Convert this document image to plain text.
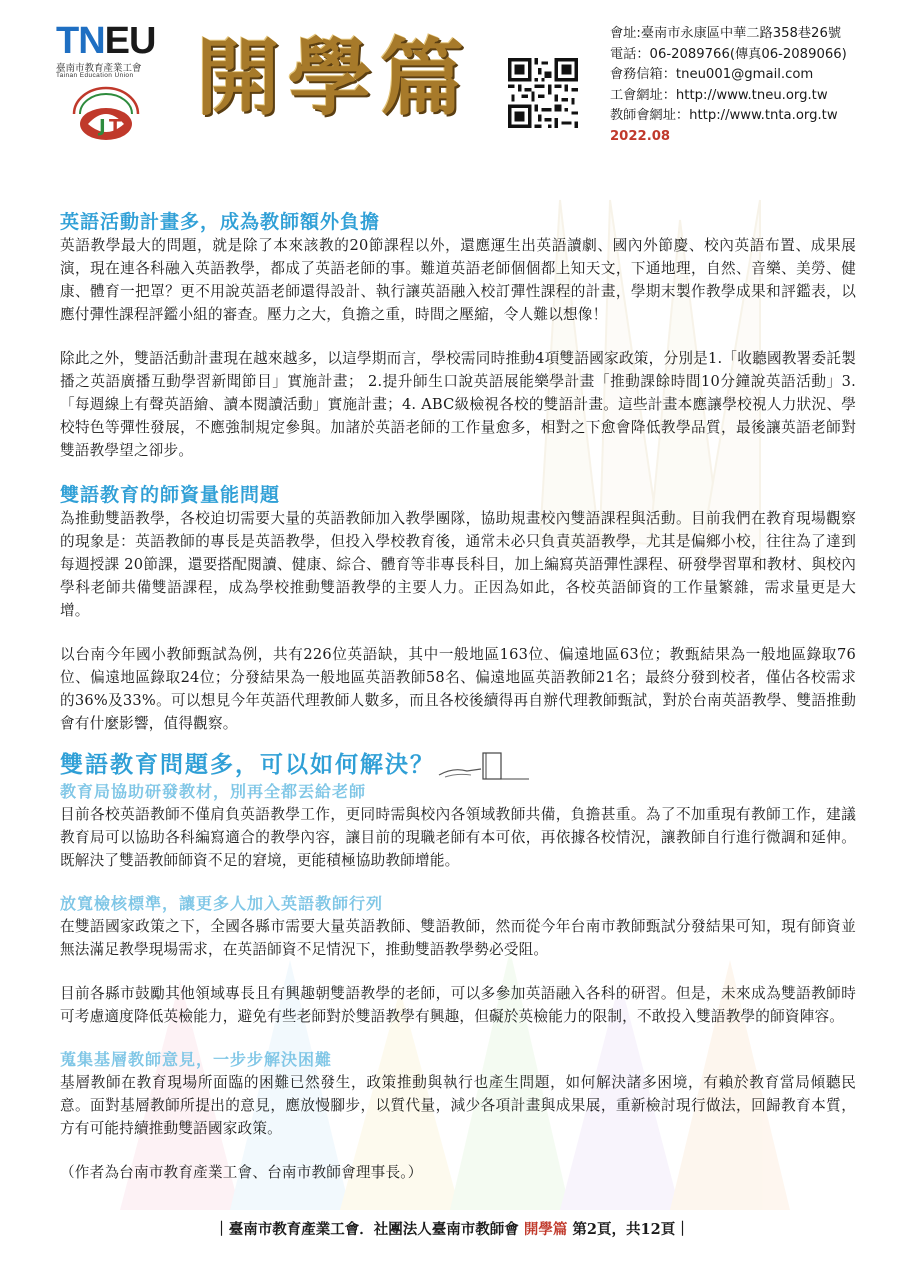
TNEU
臺南市教育產業工會
Tainan Education Union
J T 開學篇	會址:臺南市永康區中華二路358巷26號
電話：06-2089766(傳真06-2089066)
會務信箱：tneu001@gmail.com
工會網址：http://www.tneu.org.tw
教師會網址：http://www.tnta.org.tw
2022.08
英語活動計畫多，成為教師額外負擔

英語教學最大的問題，就是除了本來該教的20節課程以外，還應運生出英語讀劇、國內外節慶、校內英語布置、成果展演，現在連各科融入英語教學，都成了英語老師的事。難道英語老師個個都上知天文，下通地理，自然、音樂、美勞、健康、體育一把罩？更不用說英語老師還得設計、執行讓英語融入校訂彈性課程的計畫，學期末製作教學成果和評鑑表，以應付彈性課程評鑑小組的審查。壓力之大，負擔之重，時間之壓縮，令人難以想像！

除此之外，雙語活動計畫現在越來越多，以這學期而言，學校需同時推動4項雙語國家政策，分別是1.「收聽國教署委託製播之英語廣播互動學習新聞節目」實施計畫； 2.提升師生口說英語展能樂學計畫「推動課餘時間10分鐘說英語活動」3.「每週線上有聲英語繪、讀本閱讀活動」實施計畫；4. ABC級檢視各校的雙語計畫。這些計畫本應讓學校視人力狀況、學校特色等彈性發展，不應強制規定參與。加諸於英語老師的工作量愈多，相對之下愈會降低教學品質，最後讓英語老師對雙語教學望之卻步。

雙語教育的師資量能問題

為推動雙語教學，各校迫切需要大量的英語教師加入教學團隊，協助規畫校內雙語課程與活動。目前我們在教育現場觀察的現象是：英語教師的專長是英語教學，但投入學校教育後，通常未必只負責英語教學，尤其是偏鄉小校，往往為了達到每週授課 20節課，還要搭配閱讀、健康、綜合、體育等非專長科目，加上編寫英語彈性課程、研發學習單和教材、與校內學科老師共備雙語課程，成為學校推動雙語教學的主要人力。正因為如此，各校英語師資的工作量繁雜，需求量更是大增。

以台南今年國小教師甄試為例，共有226位英語缺，其中一般地區163位、偏遠地區63位；教甄結果為一般地區錄取76位、偏遠地區錄取24位；分發結果為一般地區英語教師58名、偏遠地區英語教師21名；最終分發到校者，僅佔各校需求的36%及33%。可以想見今年英語代理教師人數多，而且各校後續得再自辦代理教師甄試，對於台南英語教學、雙語推動會有什麼影響，值得觀察。

雙語教育問題多，可以如何解決？
教育局協助研發教材，別再全都丟給老師

目前各校英語教師不僅肩負英語教學工作，更同時需與校內各領域教師共備，負擔甚重。為了不加重現有教師工作，建議教育局可以協助各科編寫適合的教學內容，讓目前的現職老師有本可依，再依據各校情況，讓教師自行進行微調和延伸。既解決了雙語教師師資不足的窘境，更能積極協助教師增能。

放寬檢核標準，讓更多人加入英語教師行列

在雙語國家政策之下，全國各縣市需要大量英語教師、雙語教師，然而從今年台南市教師甄試分發結果可知，現有師資並無法滿足教學現場需求，在英語師資不足情況下，推動雙語教學勢必受阻。

目前各縣市鼓勵其他領域專長且有興趣朝雙語教學的老師，可以多參加英語融入各科的研習。但是，未來成為雙語教師時可考慮適度降低英檢能力，避免有些老師對於雙語教學有興趣，但礙於英檢能力的限制，不敢投入雙語教學的師資陣容。

蒐集基層教師意見，一步步解決困難

基層教師在教育現場所面臨的困難已然發生，政策推動與執行也產生問題，如何解決諸多困境，有賴於教育當局傾聽民意。面對基層教師所提出的意見，應放慢腳步，以質代量，減少各項計畫與成果展，重新檢討現行做法，回歸教育本質，方有可能持續推動雙語國家政策。

（作者為台南市教育產業工會、台南市教師會理事長。）

｜臺南市教育產業工會．社團法人臺南市教師會 開學篇 第2頁，共12頁｜
